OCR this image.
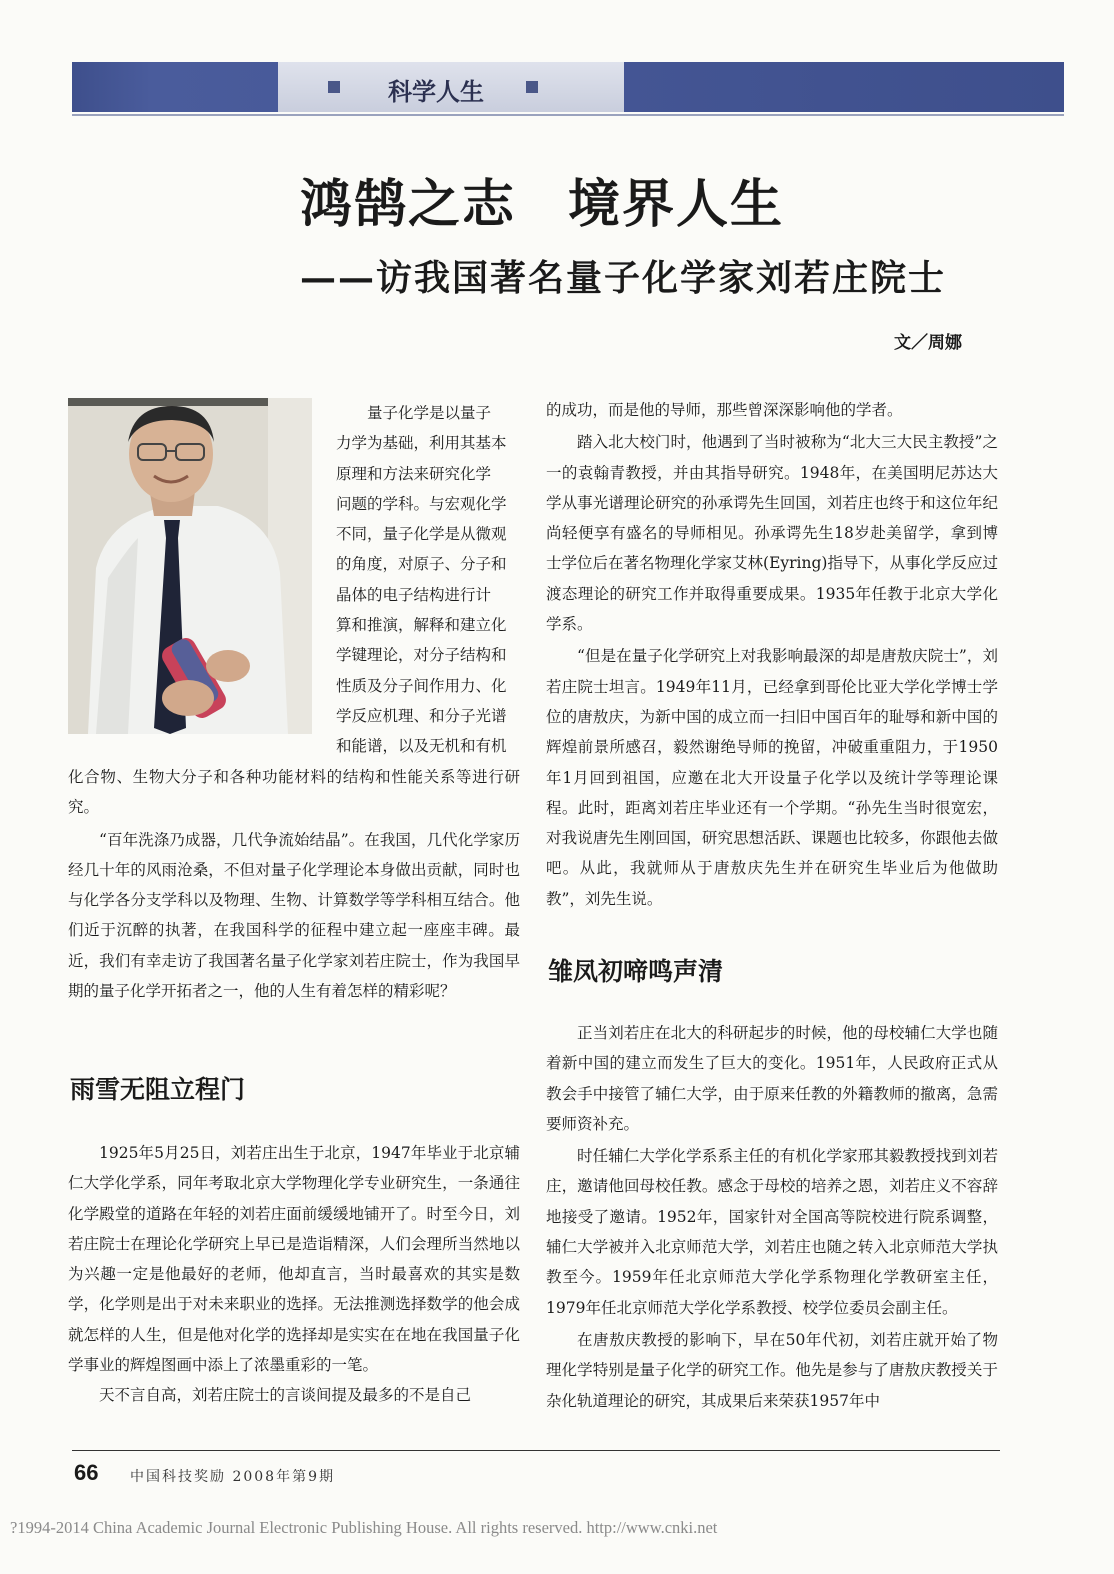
科学人生
鸿鹄之志 境界人生
——访我国著名量子化学家刘若庄院士
文／周娜

量子化学是以量子

力学为基础，利用其基本

原理和方法来研究化学

问题的学科。与宏观化学

不同，量子化学是从微观

的角度，对原子、分子和

晶体的电子结构进行计

算和推演，解释和建立化

学键理论，对分子结构和

性质及分子间作用力、化

学反应机理、和分子光谱

和能谱，以及无机和有机

化合物、生物大分子和各种功能材料的结构和性能关系等进行研究。

“百年洗涤乃成器，几代争流始结晶”。在我国，几代化学家历经几十年的风雨沧桑，不但对量子化学理论本身做出贡献，同时也与化学各分支学科以及物理、生物、计算数学等学科相互结合。他们近于沉醉的执著，在我国科学的征程中建立起一座座丰碑。最近，我们有幸走访了我国著名量子化学家刘若庄院士，作为我国早期的量子化学开拓者之一，他的人生有着怎样的精彩呢？

雨雪无阻立程门

1925年5月25日，刘若庄出生于北京，1947年毕业于北京辅仁大学化学系，同年考取北京大学物理化学专业研究生，一条通往化学殿堂的道路在年轻的刘若庄面前缓缓地铺开了。时至今日，刘若庄院士在理论化学研究上早已是造诣精深，人们会理所当然地以为兴趣一定是他最好的老师，他却直言，当时最喜欢的其实是数学，化学则是出于对未来职业的选择。无法推测选择数学的他会成就怎样的人生，但是他对化学的选择却是实实在在地在我国量子化学事业的辉煌图画中添上了浓墨重彩的一笔。

天不言自高，刘若庄院士的言谈间提及最多的不是自己

的成功，而是他的导师，那些曾深深影响他的学者。

踏入北大校门时，他遇到了当时被称为“北大三大民主教授”之一的袁翰青教授，并由其指导研究。1948年，在美国明尼苏达大学从事光谱理论研究的孙承谔先生回国，刘若庄也终于和这位年纪尚轻便享有盛名的导师相见。孙承谔先生18岁赴美留学，拿到博士学位后在著名物理化学家艾林(Eyring)指导下，从事化学反应过渡态理论的研究工作并取得重要成果。1935年任教于北京大学化学系。

“但是在量子化学研究上对我影响最深的却是唐敖庆院士”，刘若庄院士坦言。1949年11月，已经拿到哥伦比亚大学化学博士学位的唐敖庆，为新中国的成立而一扫旧中国百年的耻辱和新中国的辉煌前景所感召，毅然谢绝导师的挽留，冲破重重阻力，于1950年1月回到祖国，应邀在北大开设量子化学以及统计学等理论课程。此时，距离刘若庄毕业还有一个学期。“孙先生当时很宽宏，对我说唐先生刚回国，研究思想活跃、课题也比较多，你跟他去做吧。从此，我就师从于唐敖庆先生并在研究生毕业后为他做助教”，刘先生说。

雏凤初啼鸣声清

正当刘若庄在北大的科研起步的时候，他的母校辅仁大学也随着新中国的建立而发生了巨大的变化。1951年，人民政府正式从教会手中接管了辅仁大学，由于原来任教的外籍教师的撤离，急需要师资补充。

时任辅仁大学化学系系主任的有机化学家邢其毅教授找到刘若庄，邀请他回母校任教。感念于母校的培养之恩，刘若庄义不容辞地接受了邀请。1952年，国家针对全国高等院校进行院系调整，辅仁大学被并入北京师范大学，刘若庄也随之转入北京师范大学执教至今。1959年任北京师范大学化学系物理化学教研室主任，1979年任北京师范大学化学系教授、校学位委员会副主任。

在唐敖庆教授的影响下，早在50年代初，刘若庄就开始了物理化学特别是量子化学的研究工作。他先是参与了唐敖庆教授关于杂化轨道理论的研究，其成果后来荣获1957年中

66 中国科技奖励 2008年第9期
?1994-2014 China Academic Journal Electronic Publishing House. All rights reserved. http://www.cnki.net
